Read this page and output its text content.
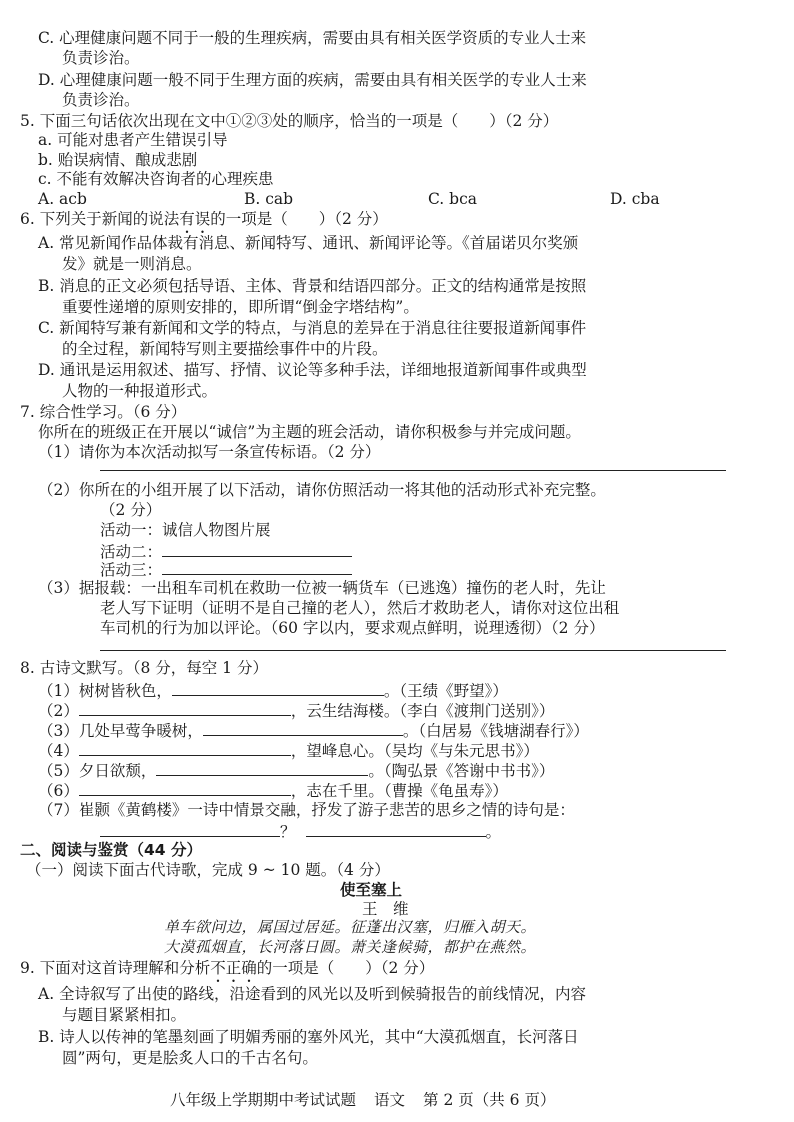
C. 心理健康问题不同于一般的生理疾病，需要由具有相关医学资质的专业人士来
负责诊治。
D. 心理健康问题一般不同于生理方面的疾病，需要由具有相关医学的专业人士来
负责诊治。
5. 下面三句话依次出现在文中①②③处的顺序，恰当的一项是（　　）（2 分）
a. 可能对患者产生错误引导
b. 贻误病情、酿成悲剧
c. 不能有效解决咨询者的心理疾患
A. acb	B. cab	C. bca	D. cba
6. 下列关于新闻的说法有误的一项是（　　）（2 分）
A. 常见新闻作品体裁有消息、新闻特写、通讯、新闻评论等。《首届诺贝尔奖颁
发》就是一则消息。
B. 消息的正文必须包括导语、主体、背景和结语四部分。正文的结构通常是按照
重要性递增的原则安排的，即所谓“倒金字塔结构”。
C. 新闻特写兼有新闻和文学的特点，与消息的差异在于消息往往要报道新闻事件
的全过程，新闻特写则主要描绘事件中的片段。
D. 通讯是运用叙述、描写、抒情、议论等多种手法，详细地报道新闻事件或典型
人物的一种报道形式。
7. 综合性学习。（6 分）
你所在的班级正在开展以“诚信”为主题的班会活动，请你积极参与并完成问题。
（1）请你为本次活动拟写一条宣传标语。（2 分）
（2）你所在的小组开展了以下活动，请你仿照活动一将其他的活动形式补充完整。
（2 分）
活动一：诚信人物图片展
活动二：
活动三：
（3）据报载：一出租车司机在救助一位被一辆货车（已逃逸）撞伤的老人时，先让
老人写下证明（证明不是自己撞的老人），然后才救助老人，请你对这位出租
车司机的行为加以评论。（60 字以内，要求观点鲜明，说理透彻）（2 分）
8. 古诗文默写。（8 分，每空 1 分）
（1）树树皆秋色，	。（王绩《野望》）
（2）	，云生结海楼。（李白《渡荆门送别》）
（3）几处早莺争暖树，	。（白居易《钱塘湖春行》）
（4）	，望峰息心。（吴均《与朱元思书》）
（5）夕日欲颓，	。（陶弘景《答谢中书书》）
（6）	，志在千里。（曹操《龟虽寿》）
（7）崔颢《黄鹤楼》一诗中情景交融，抒发了游子悲苦的思乡之情的诗句是：
？	。
二、阅读与鉴赏（44 分）
（一）阅读下面古代诗歌，完成 9 ~ 10 题。（4 分）
使至塞上
王　维
单车欲问边，属国过居延。征蓬出汉塞，归雁入胡天。
大漠孤烟直，长河落日圆。萧关逢候骑，都护在燕然。
9. 下面对这首诗理解和分析不正确的一项是（　　）（2 分）
A. 全诗叙写了出使的路线，沿途看到的风光以及听到候骑报告的前线情况，内容
与题目紧紧相扣。
B. 诗人以传神的笔墨刻画了明媚秀丽的塞外风光，其中“大漠孤烟直，长河落日
圆”两句，更是脍炙人口的千古名句。
八年级上学期期中考试试题 语文 第 2 页（共 6 页）
